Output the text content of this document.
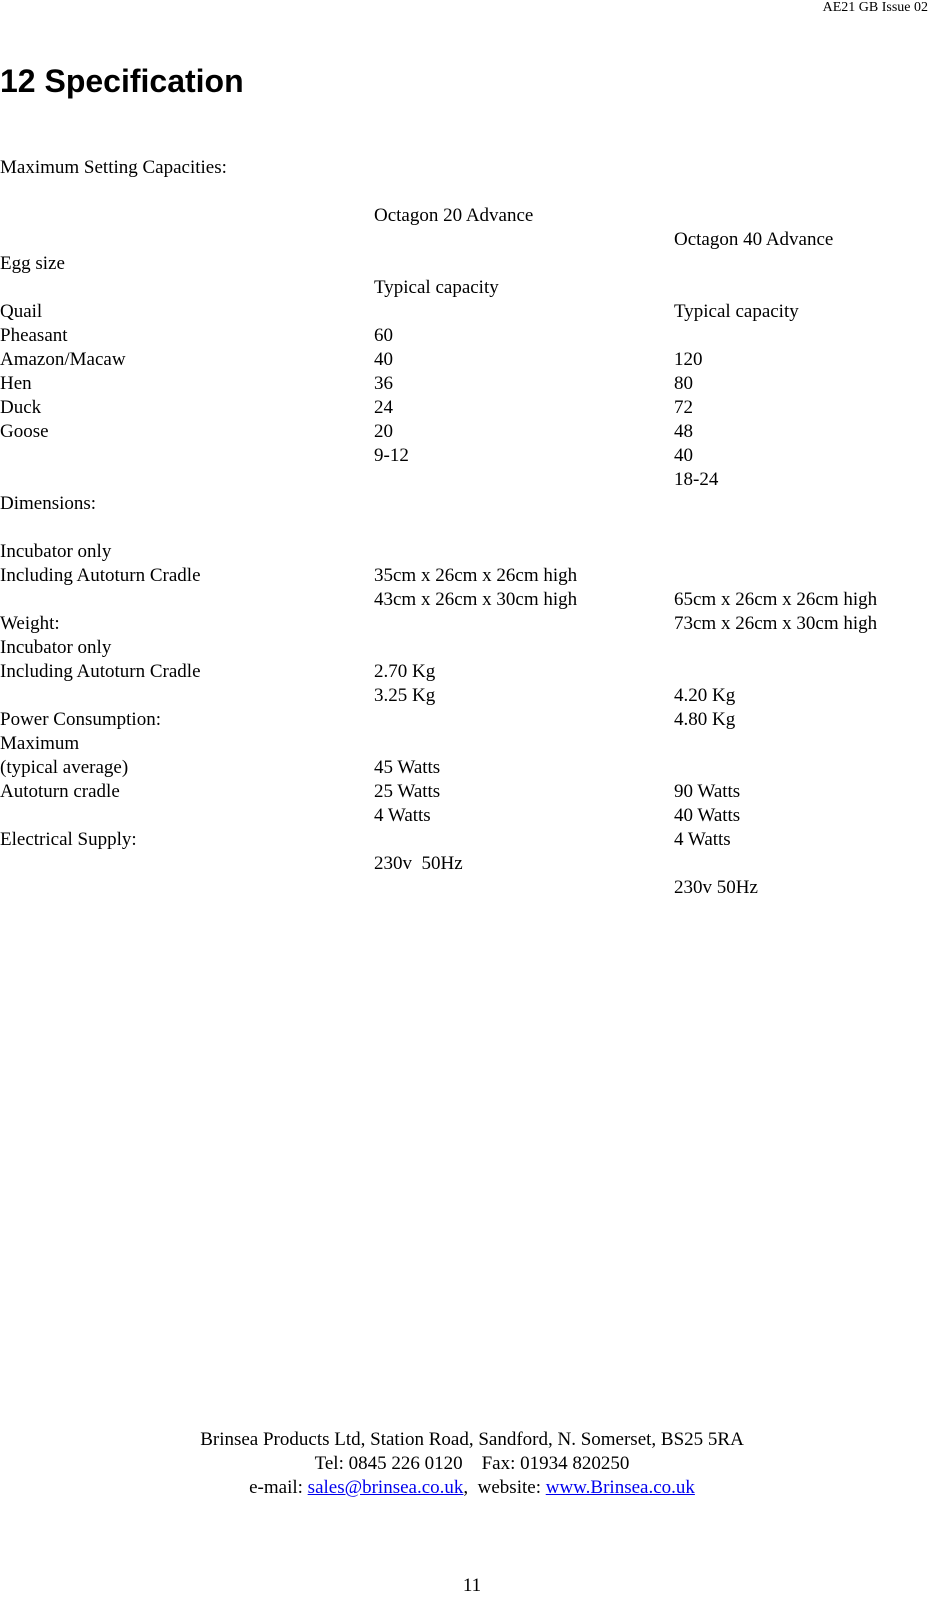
AE21 GB Issue 02
12 Specification

Maximum Setting Capacities:

Octagon 20 Advance

Octagon 40 Advance

Egg size

Typical capacity

Typical capacity

Quail

60

120

Pheasant

40

80

Amazon/Macaw

36

72

Hen

24

48

Duck

20

40

Goose

9-12

18-24

Dimensions:

Incubator only

35cm x 26cm x 26cm high

65cm x 26cm x 26cm high

Including Autoturn Cradle

43cm x 26cm x 30cm high

73cm x 26cm x 30cm high

Weight:

Incubator only

2.70 Kg

4.20 Kg

Including Autoturn Cradle

3.25 Kg

4.80 Kg

Power Consumption:

Maximum

45 Watts

90 Watts

(typical average)

25 Watts

40 Watts

Autoturn cradle

4 Watts

4 Watts

Electrical Supply:

230v  50Hz

230v 50Hz

Brinsea Products Ltd, Station Road, Sandford, N. Somerset, BS25 5RA
Tel: 0845 226 0120    Fax: 01934 820250
e-mail: sales@brinsea.co.uk,  website: www.Brinsea.co.uk
11
